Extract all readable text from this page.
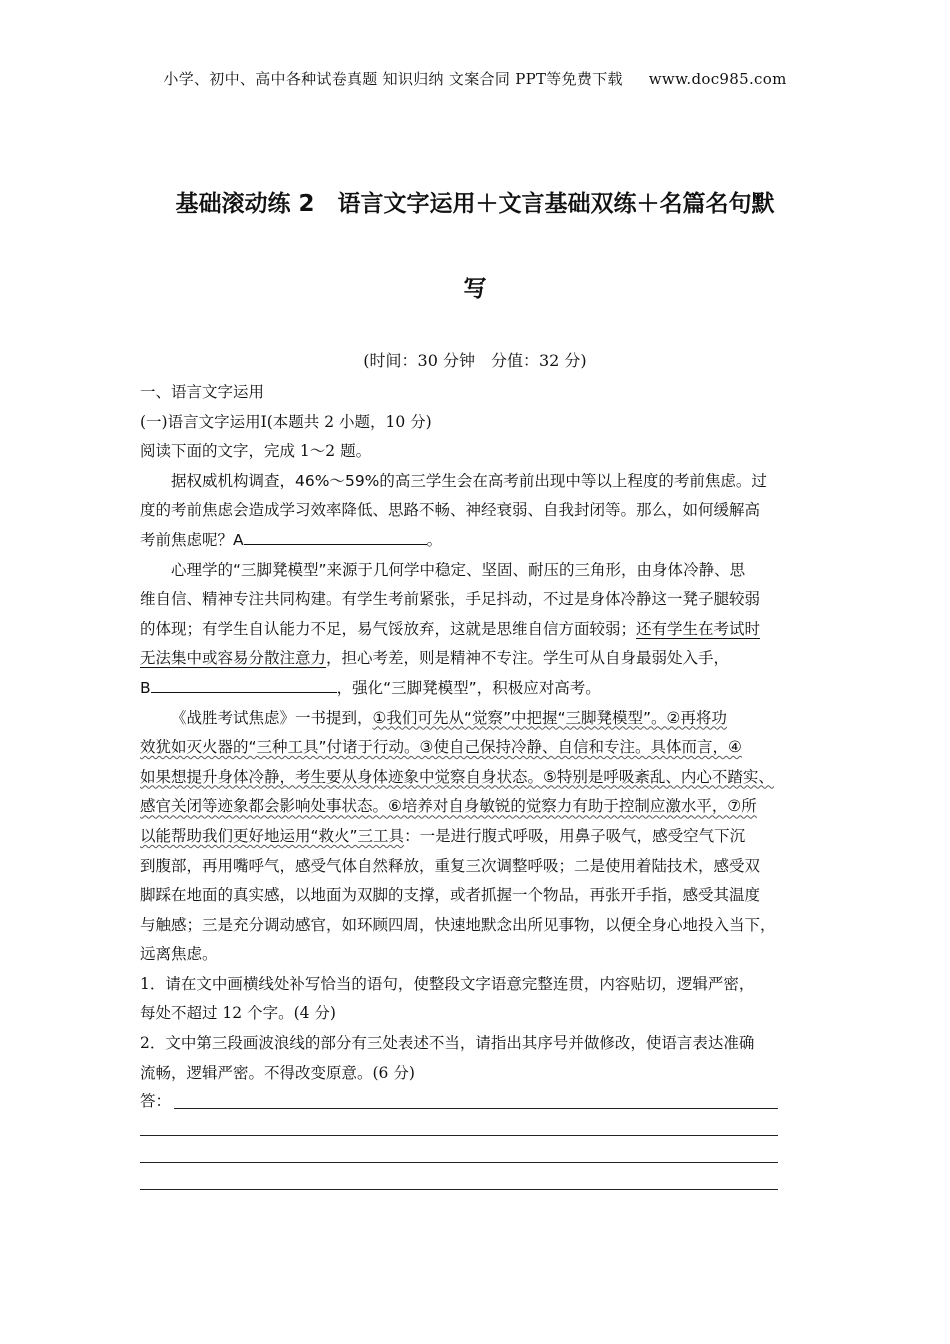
小学、初中、高中各种试卷真题 知识归纳 文案合同 PPT等免费下载 www.doc985.com
基础滚动练 2　语言文字运用＋文言基础双练＋名篇名句默
写
(时间：30 分钟　分值：32 分)
一、语言文字运用
(一)语言文字运用Ⅰ(本题共 2 小题，10 分)
阅读下面的文字，完成 1～2 题。
据权威机构调查，46%～59%的高三学生会在高考前出现中等以上程度的考前焦虑。过
度的考前焦虑会造成学习效率降低、思路不畅、神经衰弱、自我封闭等。那么，如何缓解高
考前焦虑呢？A	。
心理学的“三脚凳模型”来源于几何学中稳定、坚固、耐压的三角形，由身体冷静、思
维自信、精神专注共同构建。有学生考前紧张，手足抖动，不过是身体冷静这一凳子腿较弱
的体现；有学生自认能力不足，易气馁放弃，这就是思维自信方面较弱；还有学生在考试时
无法集中或容易分散注意力，担心考差，则是精神不专注。学生可从自身最弱处入手，
B	，强化“三脚凳模型”，积极应对高考。
《战胜考试焦虑》一书提到，①我们可先从“觉察”中把握“三脚凳模型”。②再将功
效犹如灭火器的“三种工具”付诸于行动。③使自己保持冷静、自信和专注。具体而言，④
如果想提升身体冷静，考生要从身体迹象中觉察自身状态。⑤特别是呼吸紊乱、内心不踏实、
感官关闭等迹象都会影响处事状态。⑥培养对自身敏锐的觉察力有助于控制应激水平，⑦所
以能帮助我们更好地运用“救火”三工具：一是进行腹式呼吸，用鼻子吸气，感受空气下沉
到腹部，再用嘴呼气，感受气体自然释放，重复三次调整呼吸；二是使用着陆技术，感受双
脚踩在地面的真实感，以地面为双脚的支撑，或者抓握一个物品，再张开手指，感受其温度
与触感；三是充分调动感官，如环顾四周，快速地默念出所见事物，以便全身心地投入当下，
远离焦虑。
1．请在文中画横线处补写恰当的语句，使整段文字语意完整连贯，内容贴切，逻辑严密，
每处不超过 12 个字。(4 分)
2．文中第三段画波浪线的部分有三处表述不当，请指出其序号并做修改，使语言表达准确
流畅，逻辑严密。不得改变原意。(6 分)
答：
